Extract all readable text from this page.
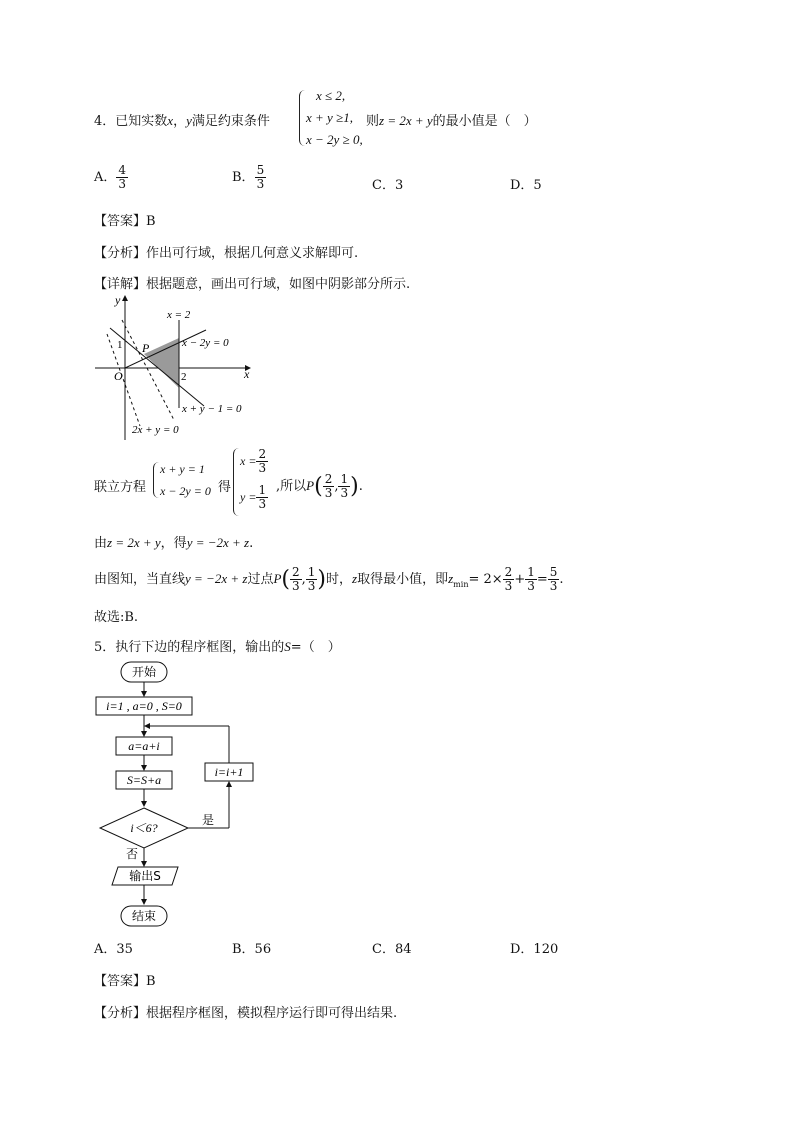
4．已知实数x，y满足约束条件
x ≤ 2,
x + y ≥1,
x − 2y ≥ 0,
则z = 2x + y的最小值是（　）
A． $\frac{4}{3}$	B． $\frac{5}{3}$	C．3	D．5
【答案】B
【分析】作出可行域，根据几何意义求解即可.
【详解】根据题意，画出可行域，如图中阴影部分所示.
y
x
O
1
2
P
x = 2
x − 2y = 0
x + y − 1 = 0
2x + y = 0
联立方程
x + y = 1
x − 2y = 0 得
$x = \frac{2}{3}$
$y = \frac{1}{3}$ ,所以$P( \frac{2}{3}$ , $\frac{1}{3}$ ).
由z = 2x + y，得y = −2x + z.
由图知，当直线y = −2x + z过点$P( \frac{2}{3}$ , $\frac{1}{3}$ )时，z取得最小值，即$z_{min}= 2\times \frac{2}{3} + \frac{1}{3} = \frac{5}{3}$ .
故选:B.
5．执行下边的程序框图，输出的S=（　）
开始
i=1 , a=0 , S=0
a=a+i
S=S+a
i＜6?
是
i=i+1
否
输出S
结束
A．35	B．56	C．84	D．120
【答案】B
【分析】根据程序框图，模拟程序运行即可得出结果.
